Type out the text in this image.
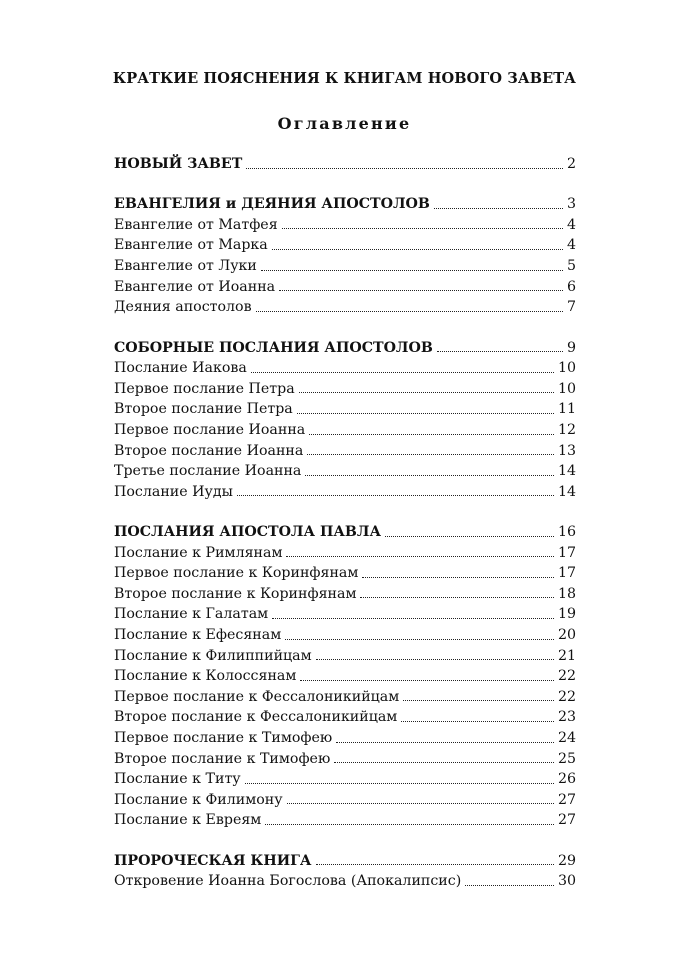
КРАТКИЕ ПОЯСНЕНИЯ К КНИГАМ НОВОГО ЗАВЕТА
Оглавление
НОВЫЙ ЗАВЕТ	2
ЕВАНГЕЛИЯ и ДЕЯНИЯ АПОСТОЛОВ	3
Евангелие от Матфея	4
Евангелие от Марка	4
Евангелие от Луки	5
Евангелие от Иоанна	6
Деяния апостолов	7
СОБОРНЫЕ ПОСЛАНИЯ АПОСТОЛОВ	9
Послание Иакова	10
Первое послание Петра	10
Второе послание Петра	11
Первое послание Иоанна	12
Второе послание Иоанна	13
Третье послание Иоанна	14
Послание Иуды	14
ПОСЛАНИЯ АПОСТОЛА ПАВЛА	16
Послание к Римлянам	17
Первое послание к Коринфянам	17
Второе послание к Коринфянам	18
Послание к Галатам	19
Послание к Ефесянам	20
Послание к Филиппийцам	21
Послание к Колоссянам	22
Первое послание к Фессалоникийцам	22
Второе послание к Фессалоникийцам	23
Первое послание к Тимофею	24
Второе послание к Тимофею	25
Послание к Титу	26
Послание к Филимону	27
Послание к Евреям	27
ПРОРОЧЕСКАЯ КНИГА	29
Откровение Иоанна Богослова (Апокалипсис)	30
